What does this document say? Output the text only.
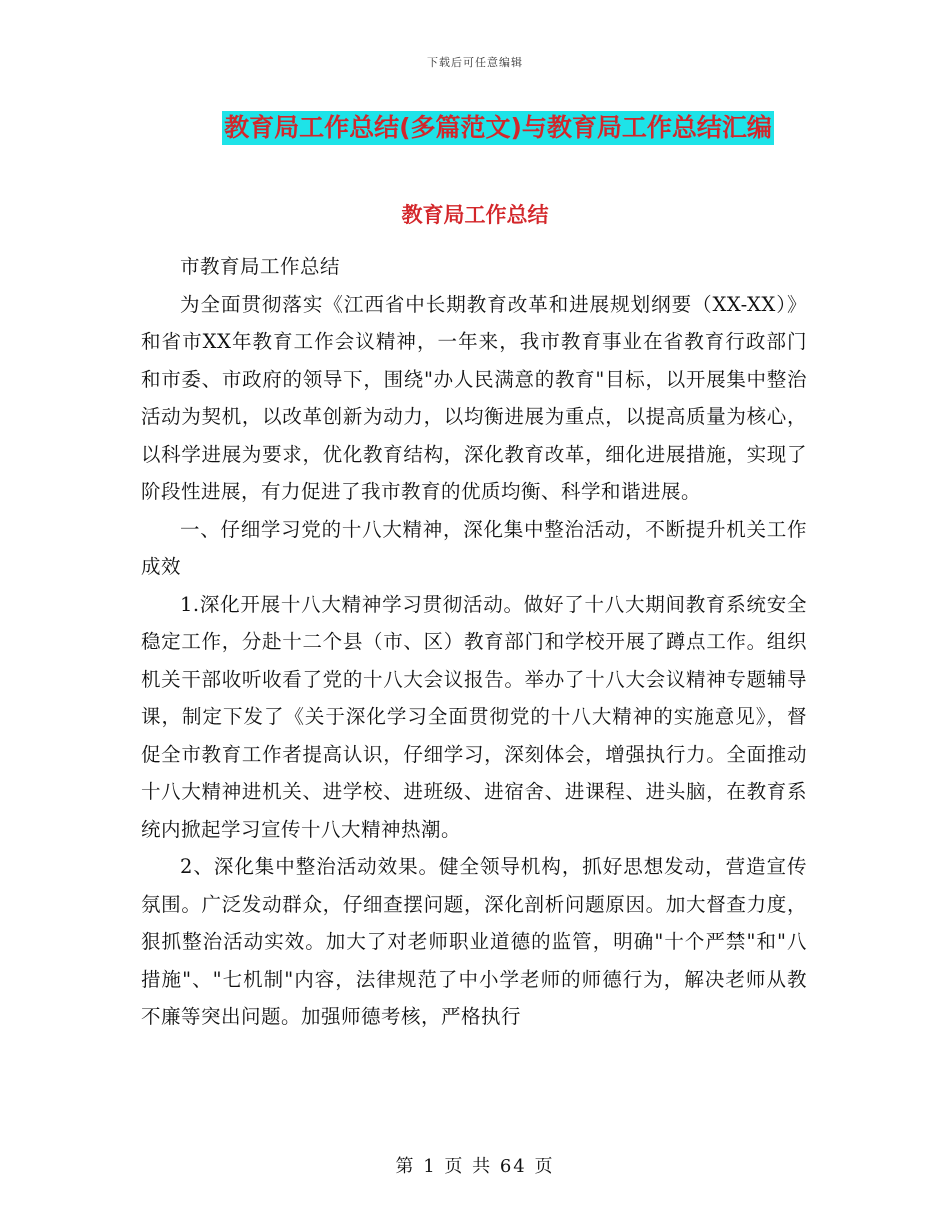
下载后可任意编辑
教育局工作总结(多篇范文)与教育局工作总结汇编
教育局工作总结

市教育局工作总结

为全面贯彻落实《江西省中长期教育改革和进展规划纲要（XX-XX）》和省市XX年教育工作会议精神，一年来，我市教育事业在省教育行政部门和市委、市政府的领导下，围绕"办人民满意的教育"目标，以开展集中整治活动为契机，以改革创新为动力，以均衡进展为重点，以提高质量为核心，以科学进展为要求，优化教育结构，深化教育改革，细化进展措施，实现了阶段性进展，有力促进了我市教育的优质均衡、科学和谐进展。

一、仔细学习党的十八大精神，深化集中整治活动，不断提升机关工作成效

1.深化开展十八大精神学习贯彻活动。做好了十八大期间教育系统安全稳定工作，分赴十二个县（市、区）教育部门和学校开展了蹲点工作。组织机关干部收听收看了党的十八大会议报告。举办了十八大会议精神专题辅导课，制定下发了《关于深化学习全面贯彻党的十八大精神的实施意见》，督促全市教育工作者提高认识，仔细学习，深刻体会，增强执行力。全面推动十八大精神进机关、进学校、进班级、进宿舍、进课程、进头脑，在教育系统内掀起学习宣传十八大精神热潮。

2、深化集中整治活动效果。健全领导机构，抓好思想发动，营造宣传氛围。广泛发动群众，仔细查摆问题，深化剖析问题原因。加大督查力度，狠抓整治活动实效。加大了对老师职业道德的监管，明确"十个严禁"和"八措施"、"七机制"内容，法律规范了中小学老师的师德行为，解决老师从教不廉等突出问题。加强师德考核，严格执行

第 1 页 共 64 页
